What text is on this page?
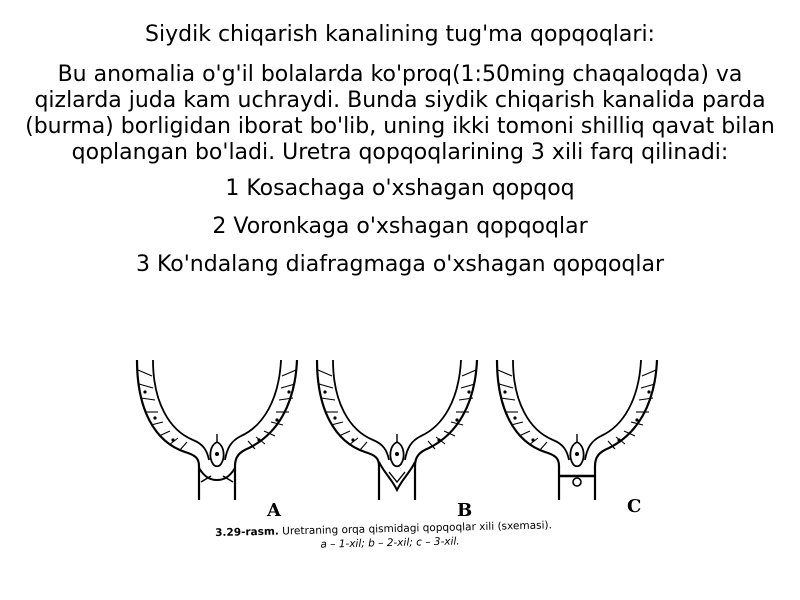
Siydik chiqarish kanalining tug'ma qopqoqlari:

Bu anomalia o'g'il bolalarda ko'proq(1:50ming chaqaloqda) va qizlarda juda kam uchraydi. Bunda siydik chiqarish kanalida parda (burma) borligidan iborat bo'lib, uning ikki tomoni shilliq qavat bilan qoplangan bo'ladi. Uretra qopqoqlarining 3 xili farq qilinadi:

1 Kosachaga o'xshagan qopqoq

2 Voronkaga o'xshagan qopqoqlar

3 Ko'ndalang diafragmaga o'xshagan qopqoqlar

A	B	C
3.29-rasm. Uretraning orqa qismidagi qopqoqlar xili (sxemasi).
a – 1-xil; b – 2-xil; c – 3-xil.
